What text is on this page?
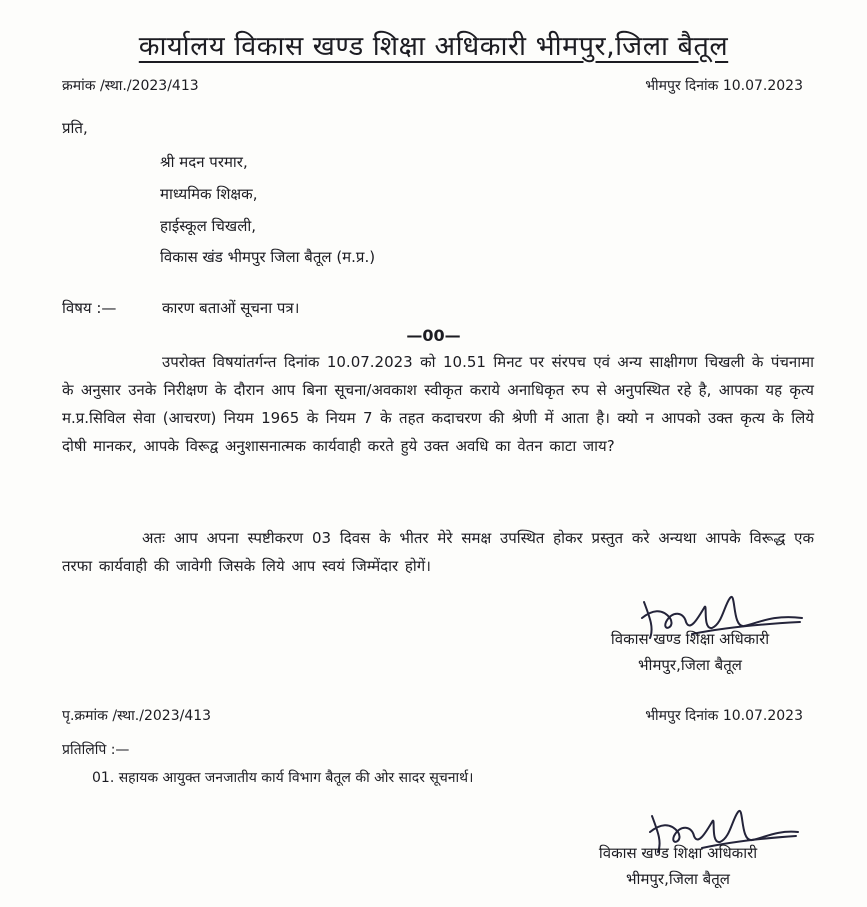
कार्यालय विकास खण्ड शिक्षा अधिकारी भीमपुर,जिला बैतूल
क्रमांक /स्था./2023/413	भीमपुर दिनांक 10.07.2023
प्रति,
श्री मदन परमार,
माध्यमिक शिक्षक,
हाईस्कूल चिखली,
विकास खंड भीमपुर जिला बैतूल (म.प्र.)
विषय :—	कारण बताओं सूचना पत्र।
—00—
उपरोक्त विषयांतर्गन्त दिनांक 10.07.2023 को 10.51 मिनट पर संरपच एवं अन्य साक्षीगण चिखली के पंचनामा के अनुसार उनके निरीक्षण के दौरान आप बिना सूचना/अवकाश स्वीकृत कराये अनाधिकृत रुप से अनुपस्थित रहे है, आपका यह कृत्य म.प्र.सिविल सेवा (आचरण) नियम 1965 के नियम 7 के तहत कदाचरण की श्रेणी में आता है। क्यो न आपको उक्त कृत्य के लिये दोषी मानकर, आपके विरूद्व अनुशासनात्मक कार्यवाही करते हुये उक्त अवधि का वेतन काटा जाय?
अतः आप अपना स्पष्टीकरण 03 दिवस के भीतर मेरे समक्ष उपस्थित होकर प्रस्तुत करे अन्यथा आपके विरूद्ध एक तरफा कार्यवाही की जावेगी जिसके लिये आप स्वयं जिम्मेंदार होगें।
विकास खण्ड शिक्षा अधिकारी
भीमपुर,जिला बैतूल
पृ.क्रमांक /स्था./2023/413	भीमपुर दिनांक 10.07.2023
प्रतिलिपि :—
01. सहायक आयुक्त जनजातीय कार्य विभाग बैतूल की ओर सादर सूचनार्थ।
विकास खण्ड शिक्षा अधिकारी
भीमपुर,जिला बैतूल
